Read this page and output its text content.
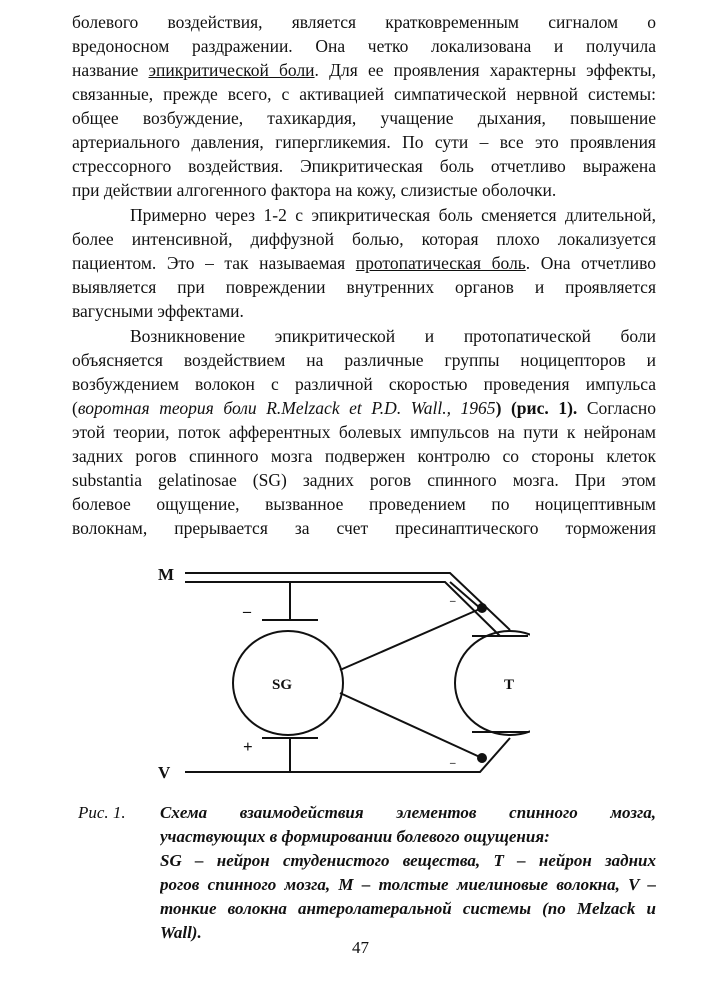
болевого воздействия, является кратковременным сигналом о
вредоносном раздражении. Она четко локализована и получила
название эпикритической боли. Для ее проявления характерны эффекты,
связанные, прежде всего, с активацией симпатической нервной системы:
общее возбуждение, тахикардия, учащение дыхания, повышение
артериального давления, гипергликемия. По сути – все это проявления
стрессорного воздействия. Эпикритическая боль отчетливо выражена
при действии алгогенного фактора на кожу, слизистые оболочки.
Примерно через 1-2 с эпикритическая боль сменяется длительной,
более интенсивной, диффузной болью, которая плохо локализуется
пациентом. Это – так называемая протопатическая боль. Она отчетливо
выявляется при повреждении внутренних органов и проявляется
вагусными эффектами.
Возникновение эпикритической и протопатической боли
объясняется воздействием на различные группы ноцицепторов и
возбуждением волокон с различной скоростью проведения импульса
(воротная теория боли R.Melzack et P.D. Wall., 1965) (рис. 1). Согласно
этой теории, поток афферентных болевых импульсов на пути к нейронам
задних рогов спинного мозга подвержен контролю со стороны клеток
substantia gelatinosae (SG) задних рогов спинного мозга. При этом
болевое ощущение, вызванное проведением по ноцицептивным
волокнам, прерывается за счет пресинаптического торможения
M
V
SG	T
–
+
–
–
Рис. 1. Схема взаимодействия элементов спинного мозга,
участвующих в формировании болевого ощущения:
SG – нейрон студенистого вещества, T – нейрон задних
рогов спинного мозга, M – толстые миелиновые волокна, V –
тонкие волокна антеролатеральной системы (по Melzack и
Wall).
47
